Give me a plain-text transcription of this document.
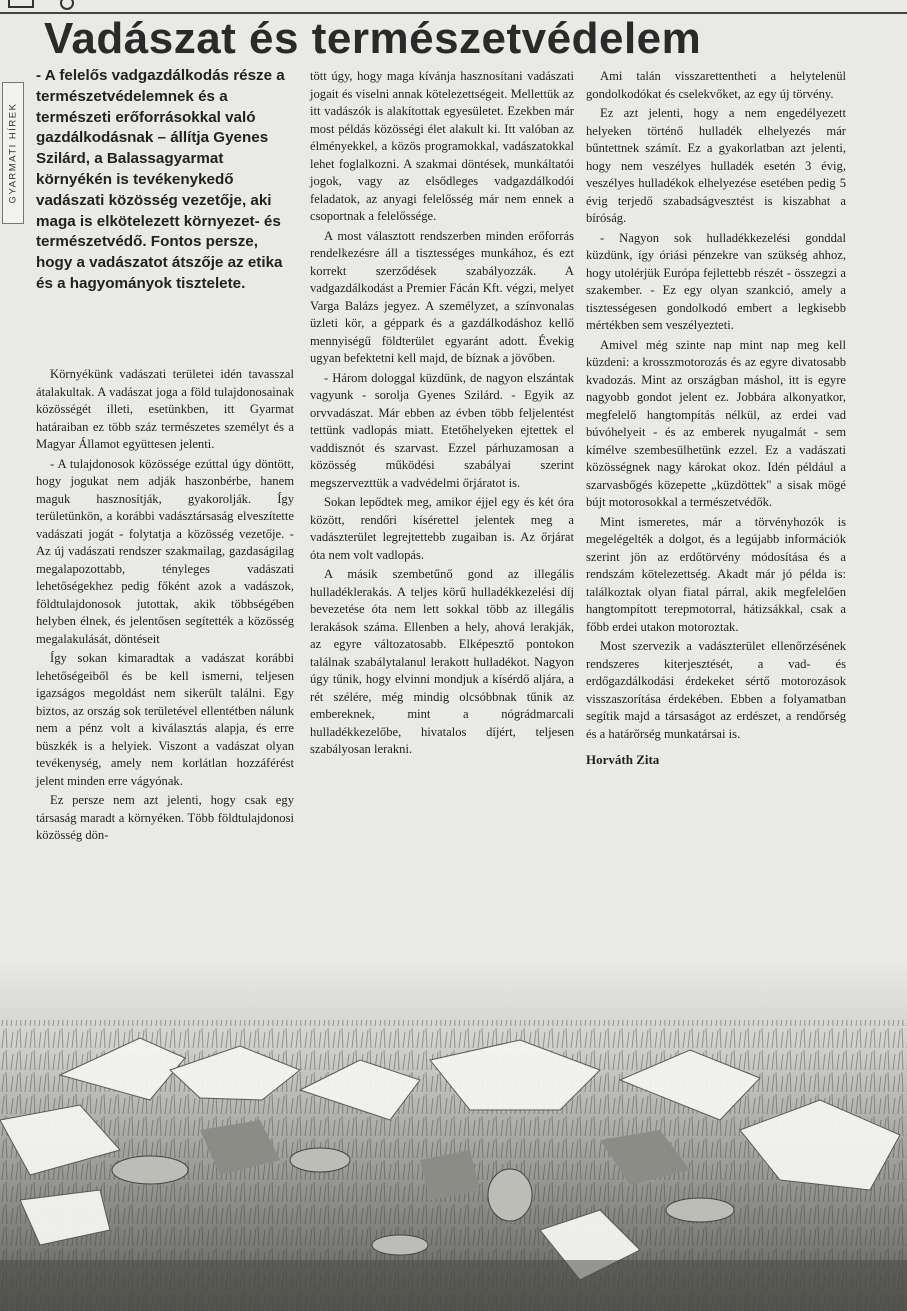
Vadászat és természetvédelem
GYARMATI HÍREK

- A felelős vadgazdálkodás része a természetvédelemnek és a természeti erőforrásokkal való gazdálkodásnak – állítja Gyenes Szilárd, a Balassagyarmat környékén is tevékenykedő vadászati közösség vezetője, aki maga is elkötelezett környezet- és természetvédő. Fontos persze, hogy a vadászatot átszője az etika és a hagyományok tisztelete.

Környékünk vadászati területei idén tavasszal átalakultak. A vadászat joga a föld tulajdonosainak közösségét illeti, esetünkben, itt Gyarmat határaiban ez több száz természetes személyt és a Magyar Államot együttesen jelenti.

- A tulajdonosok közössége ezúttal úgy döntött, hogy jogukat nem adják haszonbérbe, hanem maguk hasznosítják, gyakorolják. Így területünkön, a korábbi vadásztársaság elveszítette vadászati jogát - folytatja a közösség vezetője. - Az új vadászati rendszer szakmailag, gazdaságilag megalapozottabb, tényleges vadászati lehetőségekhez pedig főként azok a vadászok, földtulajdonosok jutottak, akik többségében helyben élnek, és jelentősen segítették a közösség megalakulását, döntéseit

Így sokan kimaradtak a vadászat korábbi lehetőségeiből és be kell ismerni, teljesen igazságos megoldást nem sikerült találni. Egy biztos, az ország sok területével ellentétben nálunk nem a pénz volt a kiválasztás alapja, és erre büszkék is a helyiek. Viszont a vadászat olyan tevékenység, amely nem korlátlan hozzáférést jelent minden erre vágyónak.

Ez persze nem azt jelenti, hogy csak egy társaság maradt a környéken. Több földtulajdonosi közösség dön-

tött úgy, hogy maga kívánja hasznosítani vadászati jogait és viselni annak kötelezettségeit. Mellettük az itt vadászók is alakítottak egyesületet. Ezekben már most példás közösségi élet alakult ki. Itt valóban az élményekkel, a közös programokkal, vadászatokkal lehet foglalkozni. A szakmai döntések, munkáltatói jogok, vagy az elsődleges vadgazdálkodói feladatok, az anyagi felelősség már nem ennek a csoportnak a felelőssége.

A most választott rendszerben minden erőforrás rendelkezésre áll a tisztességes munkához, és ezt korrekt szerződések szabályozzák. A vadgazdálkodást a Premier Fácán Kft. végzi, melyet Varga Balázs jegyez. A személyzet, a színvonalas üzleti kör, a géppark és a gazdálkodáshoz kellő mennyiségű földterület egyaránt adott. Évekig ugyan befektetni kell majd, de bíznak a jövőben.

- Három dologgal küzdünk, de nagyon elszántak vagyunk - sorolja Gyenes Szilárd. - Egyik az orvvadászat. Már ebben az évben több feljelentést tettünk vadlopás miatt. Etetőhelyeken ejtettek el vaddisznót és szarvast. Ezzel párhuzamosan a közösség működési szabályai szerint megszervezttük a vadvédelmi őrjáratot is.

Sokan lepődtek meg, amikor éjjel egy és két óra között, rendőri kísérettel jelentek meg a vadászterület legrejtettebb zugaiban is. Az őrjárat óta nem volt vadlopás.

A másik szembetűnő gond az illegális hulladéklerakás. A teljes körű hulladékkezelési díj bevezetése óta nem lett sokkal több az illegális lerakások száma. Ellenben a hely, ahová lerakják, az egyre változatosabb. Elképesztő pontokon találnak szabálytalanul lerakott hulladékot. Nagyon úgy tűnik, hogy elvinni mondjuk a kísérdő aljára, a rét szélére, még mindig olcsóbbnak tűnik az embereknek, mint a nógrádmarcali hulladékkezelőbe, hivatalos díjért, teljesen szabályosan lerakni.

Ami talán visszarettentheti a helytelenül gondolkodókat és cselekvőket, az egy új törvény.

Ez azt jelenti, hogy a nem engedélyezett helyeken történő hulladék elhelyezés már bűntettnek számít. Ez a gyakorlatban azt jelenti, hogy nem veszélyes hulladék esetén 3 évig, veszélyes hulladékok elhelyezése esetében pedig 5 évig terjedő szabadságvesztést is kiszabhat a bíróság.

- Nagyon sok hulladékkezelési gonddal küzdünk, így óriási pénzekre van szükség ahhoz, hogy utolérjük Európa fejlettebb részét - összegzi a szakember. - Ez egy olyan szankció, amely a tisztességesen gondolkodó embert a legkisebb mértékben sem veszélyezteti.

Amivel még szinte nap mint nap meg kell küzdeni: a krosszmotorozás és az egyre divatosabb kvadozás. Mint az országban máshol, itt is egyre nagyobb gondot jelent ez. Jobbára alkonyatkor, megfelelő hangtompítás nélkül, az erdei vad búvóhelyeit - és az emberek nyugalmát - sem kímélve szembesülhetünk ezzel. Ez a vadászati közösségnek nagy károkat okoz. Idén például a szarvasbőgés közepette „küzdöttek" a sisak mögé bújt motorosokkal a természetvédők.

Mint ismeretes, már a törvényhozók is megelégelték a dolgot, és a legújabb információk szerint jön az erdőtörvény módosítása és a rendszám kötelezettség. Akadt már jó példa is: találkoztak olyan fiatal párral, akik megfelelően hangtompított terepmotorral, hátizsákkal, csak a főbb erdei utakon motoroztak.

Most szervezik a vadászterület ellenőrzésének rendszeres kiterjesztését, a vad- és erdőgazdálkodási érdekeket sértő motorozások visszaszorítása érdekében. Ebben a folyamatban segítik majd a társaságot az erdészet, a rendőrség és a határőrség munkatársai is.

Horváth Zita
